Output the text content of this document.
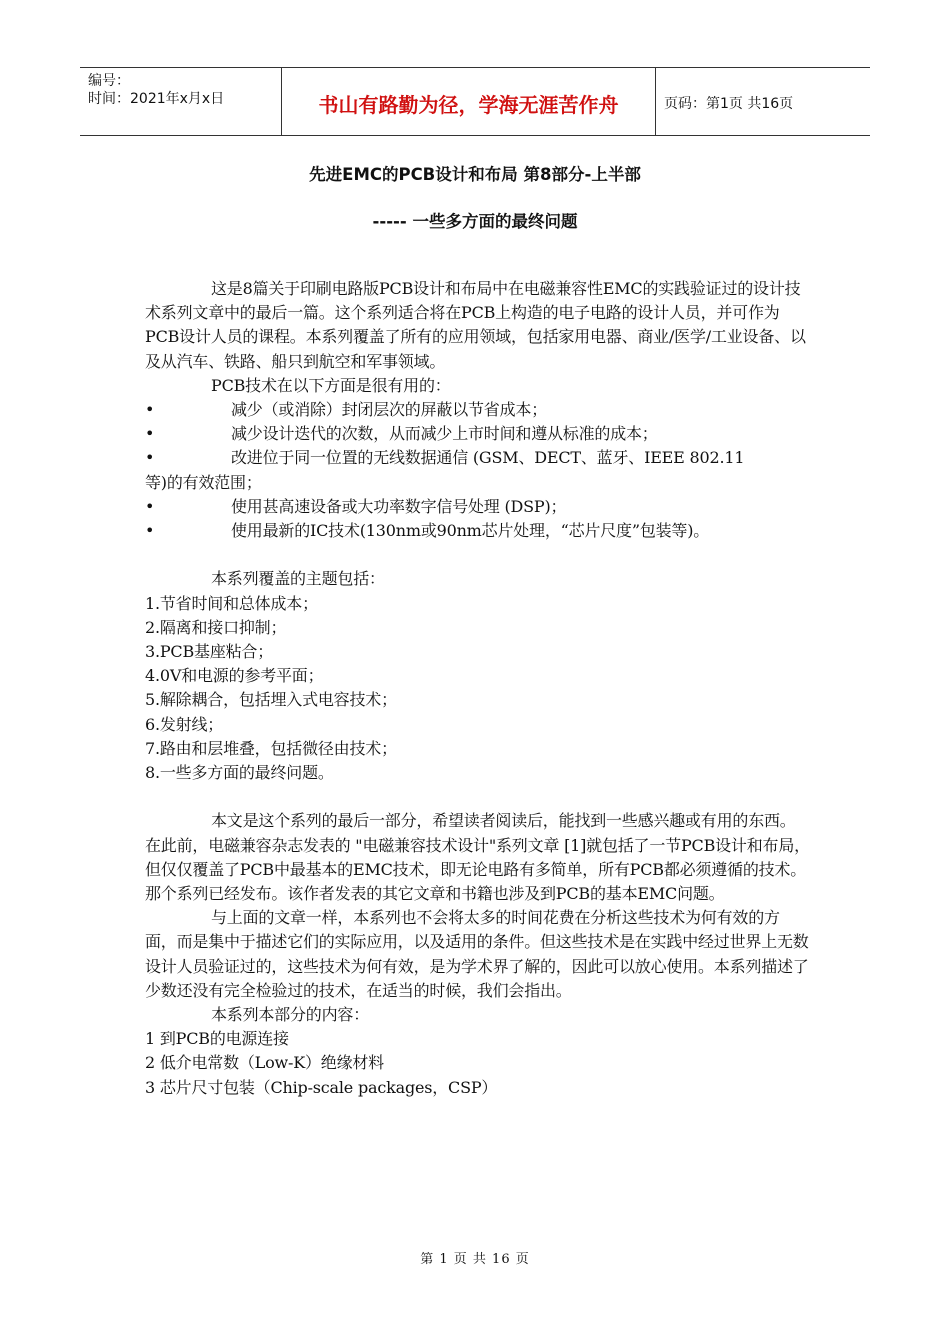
编号：
时间：2021年x月x日	书山有路勤为径，学海无涯苦作舟	页码：第1页 共16页
先进EMC的PCB设计和布局 第8部分-上半部
----- 一些多方面的最终问题

这是8篇关于印刷电路版PCB设计和布局中在电磁兼容性EMC的实践验证过的设计技术系列文章中的最后一篇。这个系列适合将在PCB上构造的电子电路的设计人员，并可作为PCB设计人员的课程。本系列覆盖了所有的应用领域，包括家用电器、商业/医学/工业设备、以及从汽车、铁路、船只到航空和军事领域。

PCB技术在以下方面是很有用的：

•	减少（或消除）封闭层次的屏蔽以节省成本；
•	减少设计迭代的次数，从而减少上市时间和遵从标准的成本；
•	改进位于同一位置的无线数据通信 (GSM、DECT、蓝牙、IEEE 802.11

等)的有效范围；

•	使用甚高速设备或大功率数字信号处理 (DSP)；
•	使用最新的IC技术(130nm或90nm芯片处理，“芯片尺度”包装等)。

本系列覆盖的主题包括：

1.节省时间和总体成本；

2.隔离和接口抑制；

3.PCB基座粘合；

4.0V和电源的参考平面；

5.解除耦合，包括埋入式电容技术；

6.发射线；

7.路由和层堆叠，包括微径由技术；

8.一些多方面的最终问题。

本文是这个系列的最后一部分，希望读者阅读后，能找到一些感兴趣或有用的东西。

在此前，电磁兼容杂志发表的 "电磁兼容技术设计"系列文章 [1]就包括了一节PCB设计和布局，但仅仅覆盖了PCB中最基本的EMC技术，即无论电路有多简单，所有PCB都必须遵循的技术。那个系列已经发布。该作者发表的其它文章和书籍也涉及到PCB的基本EMC问题。

与上面的文章一样，本系列也不会将太多的时间花费在分析这些技术为何有效的方面，而是集中于描述它们的实际应用，以及适用的条件。但这些技术是在实践中经过世界上无数设计人员验证过的，这些技术为何有效，是为学术界了解的，因此可以放心使用。本系列描述了少数还没有完全检验过的技术，在适当的时候，我们会指出。

本系列本部分的内容：

1 到PCB的电源连接

2 低介电常数（Low-K）绝缘材料

3 芯片尺寸包装（Chip-scale packages，CSP）

第 1 页 共 16 页
